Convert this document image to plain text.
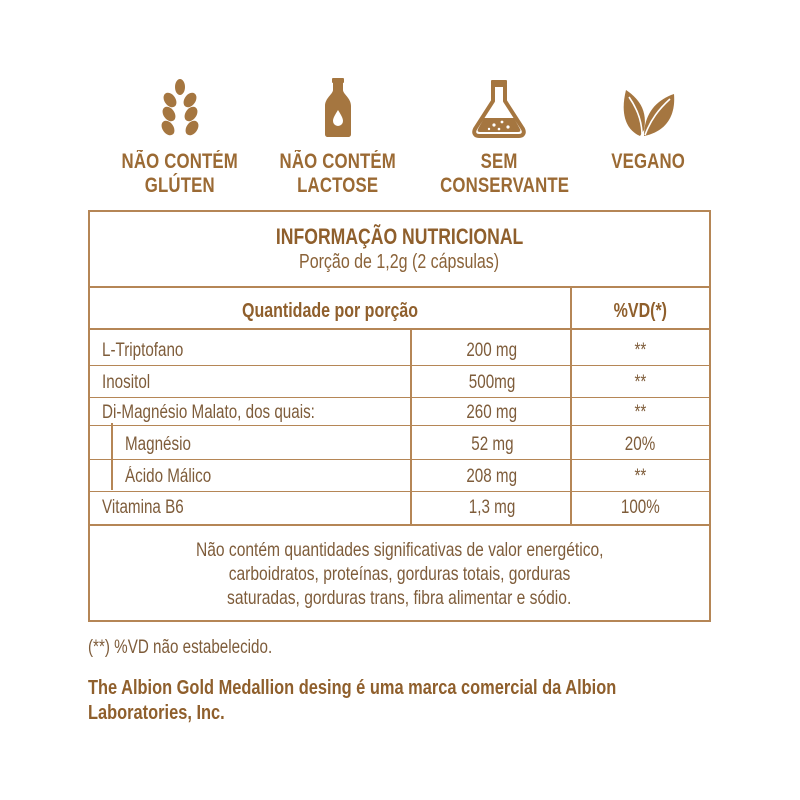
NÃO CONTÉM
GLÚTEN
NÃO CONTÉM
LACTOSE
SEM
CONSERVANTE
VEGANO
INFORMAÇÃO NUTRICIONAL
Porção de 1,2g (2 cápsulas)
Quantidade por porção	%VD(*)
L-Triptofano	200 mg	**
Inositol	500mg	**
Di-Magnésio Malato, dos quais:	260 mg	**
Magnésio	52 mg	20%
Ácido Málico	208 mg	**
Vitamina B6	1,3 mg	100%
Não contém quantidades significativas de valor energético,
carboidratos, proteínas, gorduras totais, gorduras
saturadas, gorduras trans, fibra alimentar e sódio.
(**) %VD não estabelecido.
The Albion Gold Medallion desing é uma marca comercial da Albion
Laboratories, Inc.
